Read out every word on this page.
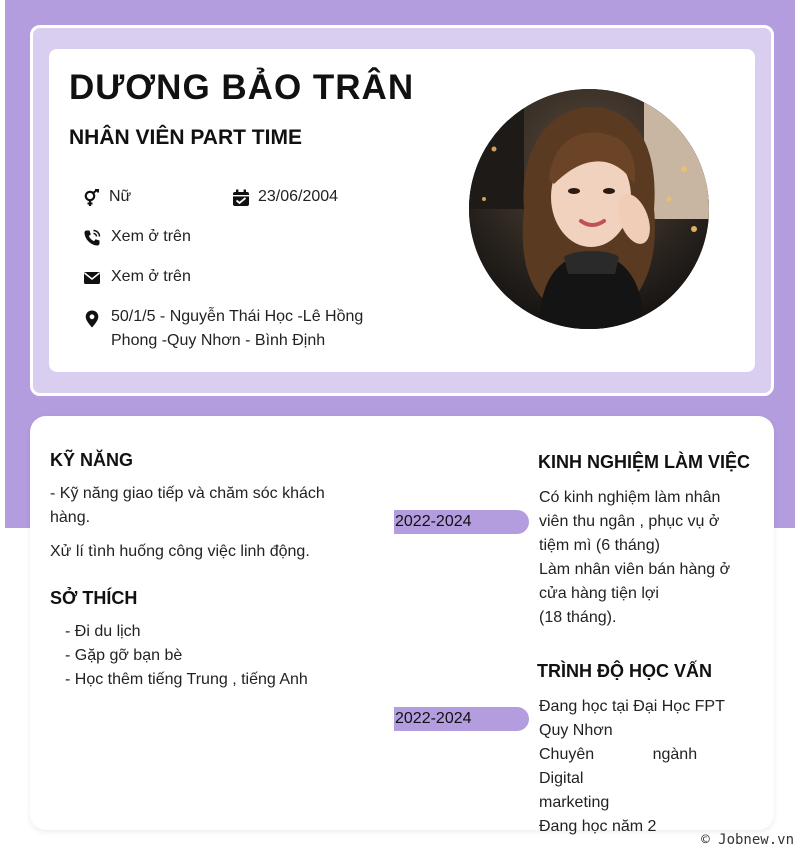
DƯƠNG BẢO TRÂN
NHÂN VIÊN PART TIME
Nữ	23/06/2004
Xem ở trên
Xem ở trên
50/1/5 - Nguyễn Thái Học -Lê Hồng
Phong -Quy Nhơn - Bình Định
KỸ NĂNG
- Kỹ năng giao tiếp và chăm sóc khách
hàng.
Xử lí tình huống công việc linh động.
SỞ THÍCH
- Đi du lịch
- Gặp gỡ bạn bè
- Học thêm tiếng Trung , tiếng Anh
KINH NGHIỆM LÀM VIỆC
2022-2024
Có kinh nghiệm làm nhân
viên thu ngân , phục vụ ở
tiệm mì (6 tháng)
Làm nhân viên bán hàng ở
cửa hàng tiện lợi
(18 tháng).
TRÌNH ĐỘ HỌC VẤN
2022-2024
Đang học tại Đại Học FPT
Quy Nhơn
Chuyên ngành Digital
marketing
Đang học năm 2
© Jobnew.vn
